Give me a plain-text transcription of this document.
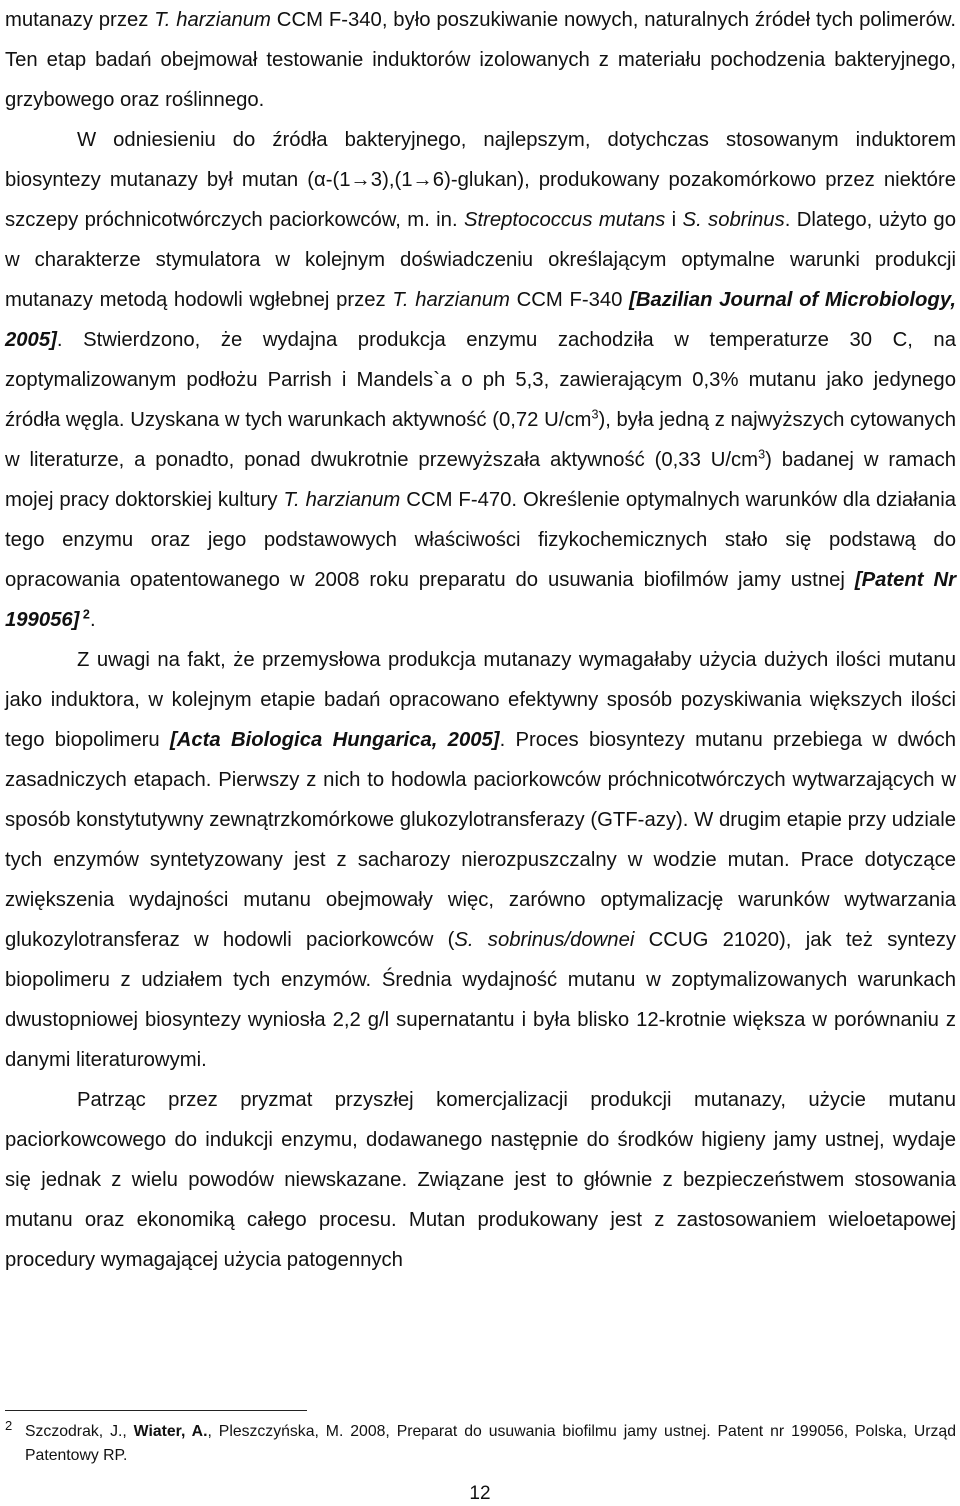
mutanazy przez T. harzianum CCM F-340, było poszukiwanie nowych, naturalnych źródeł tych polimerów. Ten etap badań obejmował testowanie induktorów izolowanych z materiału pochodzenia bakteryjnego, grzybowego oraz roślinnego.

W odniesieniu do źródła bakteryjnego, najlepszym, dotychczas stosowanym induktorem biosyntezy mutanazy był mutan (α-(1→3),(1→6)-glukan), produkowany pozakomórkowo przez niektóre szczepy próchnicotwórczych paciorkowców, m. in. Streptococcus mutans i S. sobrinus. Dlatego, użyto go w charakterze stymulatora w kolejnym doświadczeniu określającym optymalne warunki produkcji mutanazy metodą hodowli wgłebnej przez T. harzianum CCM F-340 [Bazilian Journal of Microbiology, 2005]. Stwierdzono, że wydajna produkcja enzymu zachodziła w temperaturze 30 C, na zoptymalizowanym podłożu Parrish i Mandels`a o ph 5,3, zawierającym 0,3% mutanu jako jedynego źródła węgla. Uzyskana w tych warunkach aktywność (0,72 $U/cm^3$), była jedną z najwyższych cytowanych w literaturze, a ponadto, ponad dwukrotnie przewyższała aktywność (0,33 $U/cm^3$) badanej w ramach mojej pracy doktorskiej kultury T. harzianum CCM F-470. Określenie optymalnych warunków dla działania tego enzymu oraz jego podstawowych właściwości fizykochemicznych stało się podstawą do opracowania opatentowanego w 2008 roku preparatu do usuwania biofilmów jamy ustnej [Patent Nr 199056] $^2$.

Z uwagi na fakt, że przemysłowa produkcja mutanazy wymagałaby użycia dużych ilości mutanu jako induktora, w kolejnym etapie badań opracowano efektywny sposób pozyskiwania większych ilości tego biopolimeru [Acta Biologica Hungarica, 2005]. Proces biosyntezy mutanu przebiega w dwóch zasadniczych etapach. Pierwszy z nich to hodowla paciorkowców próchnicotwórczych wytwarzających w sposób konstytutywny zewnątrzkomórkowe glukozylotransferazy (GTF-azy). W drugim etapie przy udziale tych enzymów syntetyzowany jest z sacharozy nierozpuszczalny w wodzie mutan. Prace dotyczące zwiększenia wydajności mutanu obejmowały więc, zarówno optymalizację warunków wytwarzania glukozylotransferaz w hodowli paciorkowców (S. sobrinus/downei CCUG 21020), jak też syntezy biopolimeru z udziałem tych enzymów. Średnia wydajność mutanu w zoptymalizowanych warunkach dwustopniowej biosyntezy wyniosła 2,2 g/l supernatantu i była blisko 12-krotnie większa w porównaniu z danymi literaturowymi.

Patrząc przez pryzmat przyszłej komercjalizacji produkcji mutanazy, użycie mutanu paciorkowcowego do indukcji enzymu, dodawanego następnie do środków higieny jamy ustnej, wydaje się jednak z wielu powodów niewskazane. Związane jest to głównie z bezpieczeństwem stosowania mutanu oraz ekonomiką całego procesu. Mutan produkowany jest z zastosowaniem wieloetapowej procedury wymagającej użycia patogennych

2 Szczodrak, J., Wiater, A., Pleszczyńska, M. 2008, Preparat do usuwania biofilmu jamy ustnej. Patent nr 199056, Polska, Urząd Patentowy RP.
12
